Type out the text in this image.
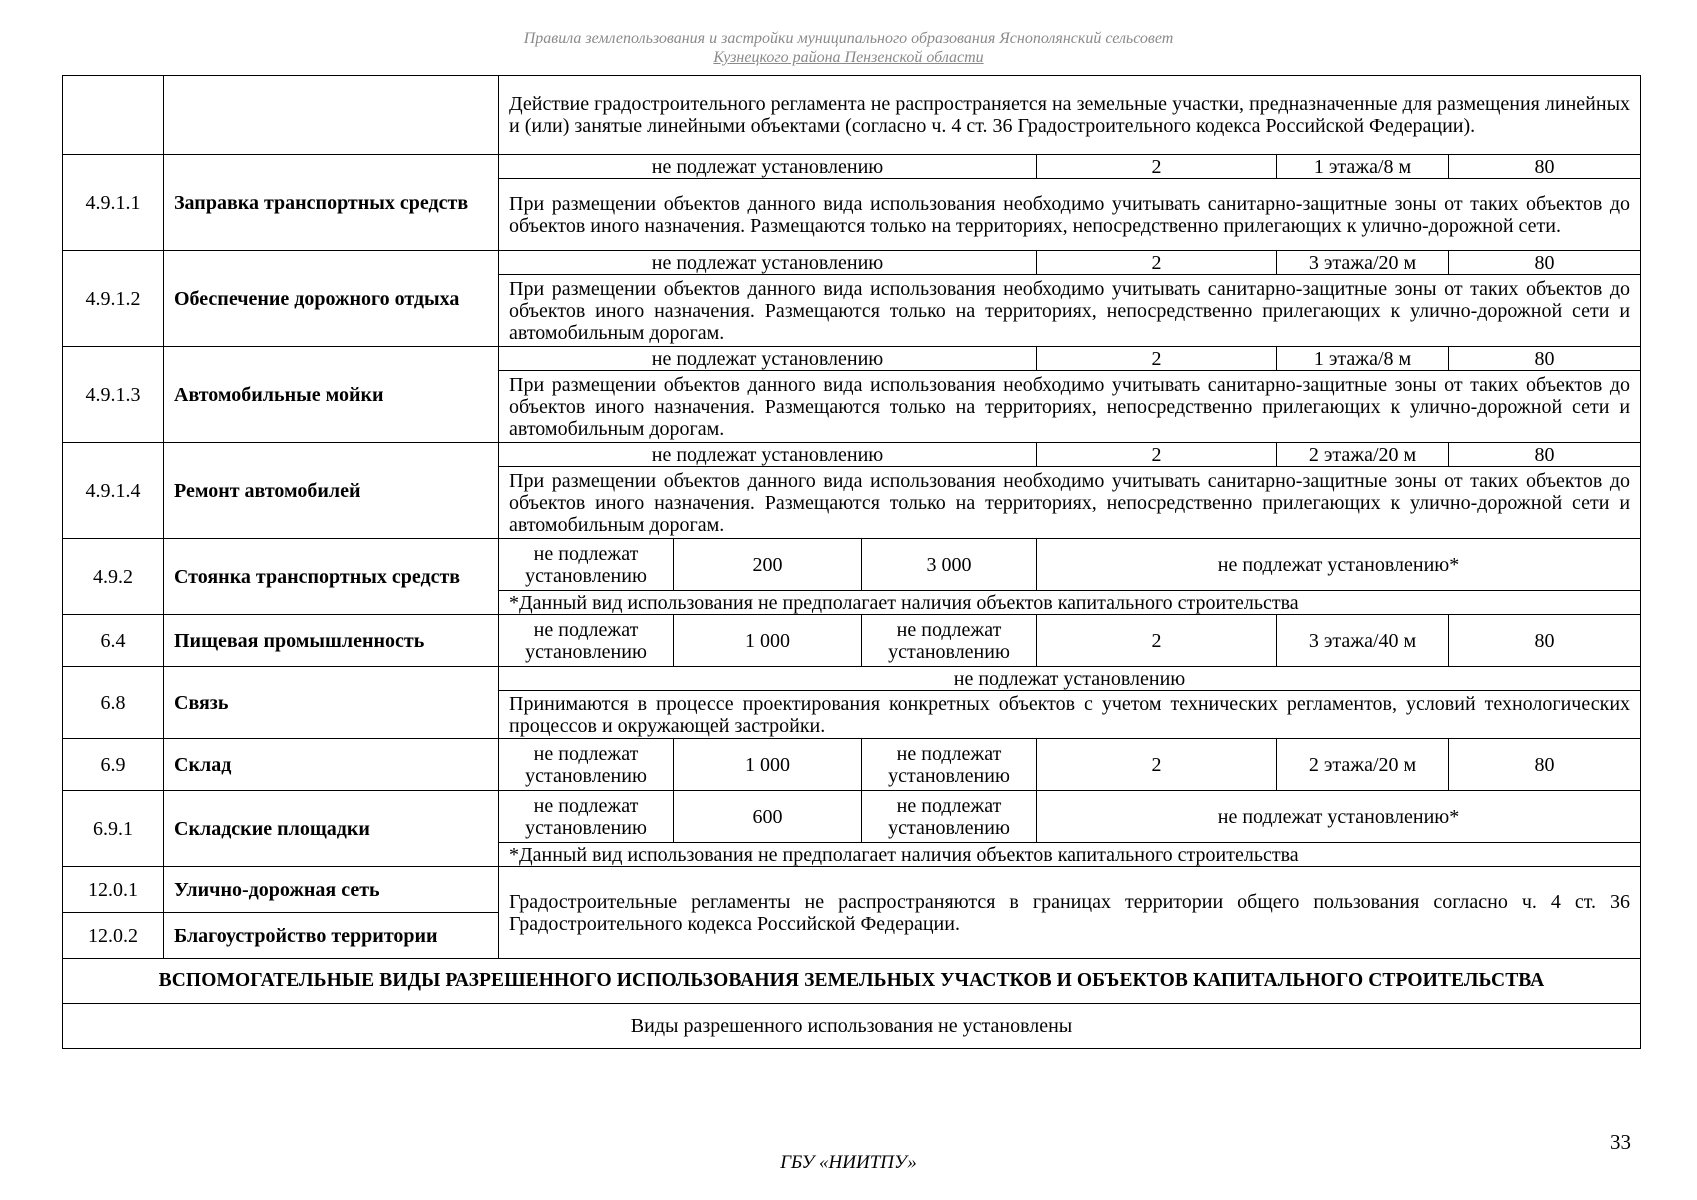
Правила землепользования и застройки муниципального образования Яснополянский сельсовет
Кузнецкого района Пензенской области
		Действие градостроительного регламента не распространяется на земельные участки, предназначенные для размещения линейных и (или) занятые линейными объектами (согласно ч. 4 ст. 36 Градостроительного кодекса Российской Федерации).					
4.9.1.1	Заправка транспортных средств	не подлежат установлению			2	1 этажа/8 м	80
		При размещении объектов данного вида использования необходимо учитывать санитарно-защитные зоны от таких объектов до объектов иного назначения. Размещаются только на территориях, непосредственно прилегающих к улично-дорожной сети.					
4.9.1.2	Обеспечение дорожного отдыха	не подлежат установлению			2	3 этажа/20 м	80
		При размещении объектов данного вида использования необходимо учитывать санитарно-защитные зоны от таких объектов до объектов иного назначения. Размещаются только на территориях, непосредственно прилегающих к улично-дорожной сети и автомобильным дорогам.					
4.9.1.3	Автомобильные мойки	не подлежат установлению			2	1 этажа/8 м	80
		При размещении объектов данного вида использования необходимо учитывать санитарно-защитные зоны от таких объектов до объектов иного назначения. Размещаются только на территориях, непосредственно прилегающих к улично-дорожной сети и автомобильным дорогам.					
4.9.1.4	Ремонт автомобилей	не подлежат установлению			2	2 этажа/20 м	80
		При размещении объектов данного вида использования необходимо учитывать санитарно-защитные зоны от таких объектов до объектов иного назначения. Размещаются только на территориях, непосредственно прилегающих к улично-дорожной сети и автомобильным дорогам.					
4.9.2	Стоянка транспортных средств	не подлежат установлению	200	3 000	не подлежат установлению*		
		*Данный вид использования не предполагает наличия объектов капитального строительства					
6.4	Пищевая промышленность	не подлежат установлению	1 000	не подлежат установлению	2	3 этажа/40 м	80
6.8	Связь	не подлежат установлению					
		Принимаются в процессе проектирования конкретных объектов с учетом технических регламентов, условий технологических процессов и окружающей застройки.					
6.9	Склад	не подлежат установлению	1 000	не подлежат установлению	2	2 этажа/20 м	80
6.9.1	Складские площадки	не подлежат установлению	600	не подлежат установлению	не подлежат установлению*		
		*Данный вид использования не предполагает наличия объектов капитального строительства					
12.0.1	Улично-дорожная сеть	Градостроительные регламенты не распространяются в границах территории общего пользования согласно ч. 4 ст. 36 Градостроительного кодекса Российской Федерации.					
12.0.2	Благоустройство территории						
ВСПОМОГАТЕЛЬНЫЕ ВИДЫ РАЗРЕШЕННОГО ИСПОЛЬЗОВАНИЯ ЗЕМЕЛЬНЫХ УЧАСТКОВ И ОБЪЕКТОВ КАПИТАЛЬНОГО СТРОИТЕЛЬСТВА							
Виды разрешенного использования не установлены							
33
ГБУ «НИИТПУ»
